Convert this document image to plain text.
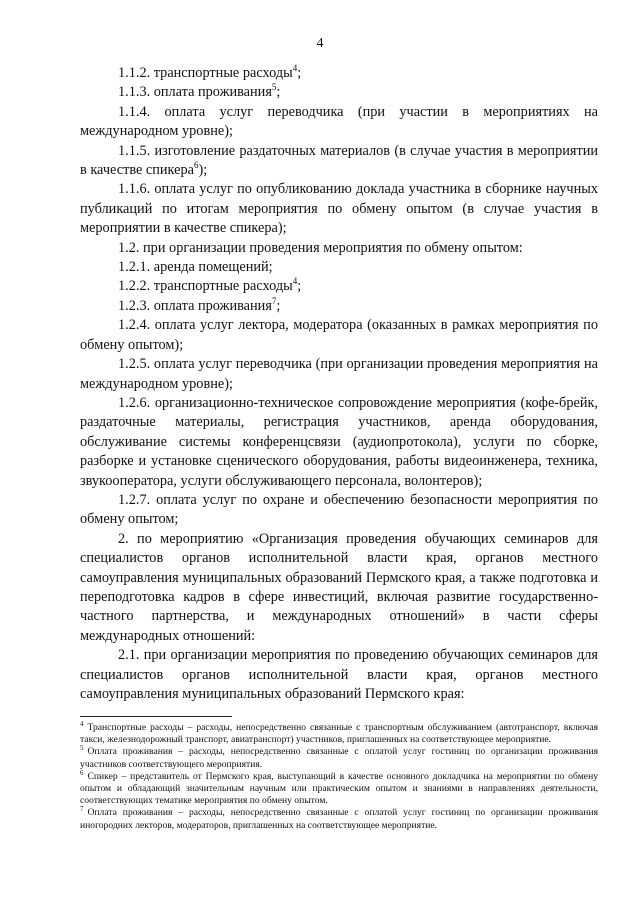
4

1.1.2. транспортные расходы$^4$;

1.1.3. оплата проживания$^5$;

1.1.4. оплата услуг переводчика (при участии в мероприятиях на международном уровне);

1.1.5. изготовление раздаточных материалов (в случае участия в мероприятии в качестве спикера$^6$);

1.1.6. оплата услуг по опубликованию доклада участника в сборнике научных публикаций по итогам мероприятия по обмену опытом (в случае участия в мероприятии в качестве спикера);

1.2. при организации проведения мероприятия по обмену опытом:

1.2.1. аренда помещений;

1.2.2. транспортные расходы$^4$;

1.2.3. оплата проживания$^7$;

1.2.4. оплата услуг лектора, модератора (оказанных в рамках мероприятия по обмену опытом);

1.2.5. оплата услуг переводчика (при организации проведения мероприятия на международном уровне);

1.2.6. организационно-техническое сопровождение мероприятия (кофе-брейк, раздаточные материалы, регистрация участников, аренда оборудования, обслуживание системы конференцсвязи (аудиопротокола), услуги по сборке, разборке и установке сценического оборудования, работы видеоинженера, техника, звукооператора, услуги обслуживающего персонала, волонтеров);

1.2.7. оплата услуг по охране и обеспечению безопасности мероприятия по обмену опытом;

2. по мероприятию «Организация проведения обучающих семинаров для специалистов органов исполнительной власти края, органов местного самоуправления муниципальных образований Пермского края, а также подготовка и переподготовка кадров в сфере инвестиций, включая развитие государственно-частного партнерства, и международных отношений» в части сферы международных отношений:

2.1. при организации мероприятия по проведению обучающих семинаров для специалистов органов исполнительной власти края, органов местного самоуправления муниципальных образований Пермского края:

$^4$ Транспортные расходы – расходы, непосредственно связанные с транспортным обслуживанием (автотранспорт, включая такси, железнодорожный транспорт, авиатранспорт) участников, приглашенных на соответствующее мероприятие.

$^5$ Оплата проживания – расходы, непосредственно связанные с оплатой услуг гостиниц по организации проживания участников соответствующего мероприятия.

$^6$ Спикер – представитель от Пермского края, выступающий в качестве основного докладчика на мероприятии по обмену опытом и обладающий значительным научным или практическим опытом и знаниями в направлениях деятельности, соответствующих тематике мероприятия по обмену опытом.

$^7$ Оплата проживания – расходы, непосредственно связанные с оплатой услуг гостиниц по организации проживания иногородних лекторов, модераторов, приглашенных на соответствующее мероприятие.
